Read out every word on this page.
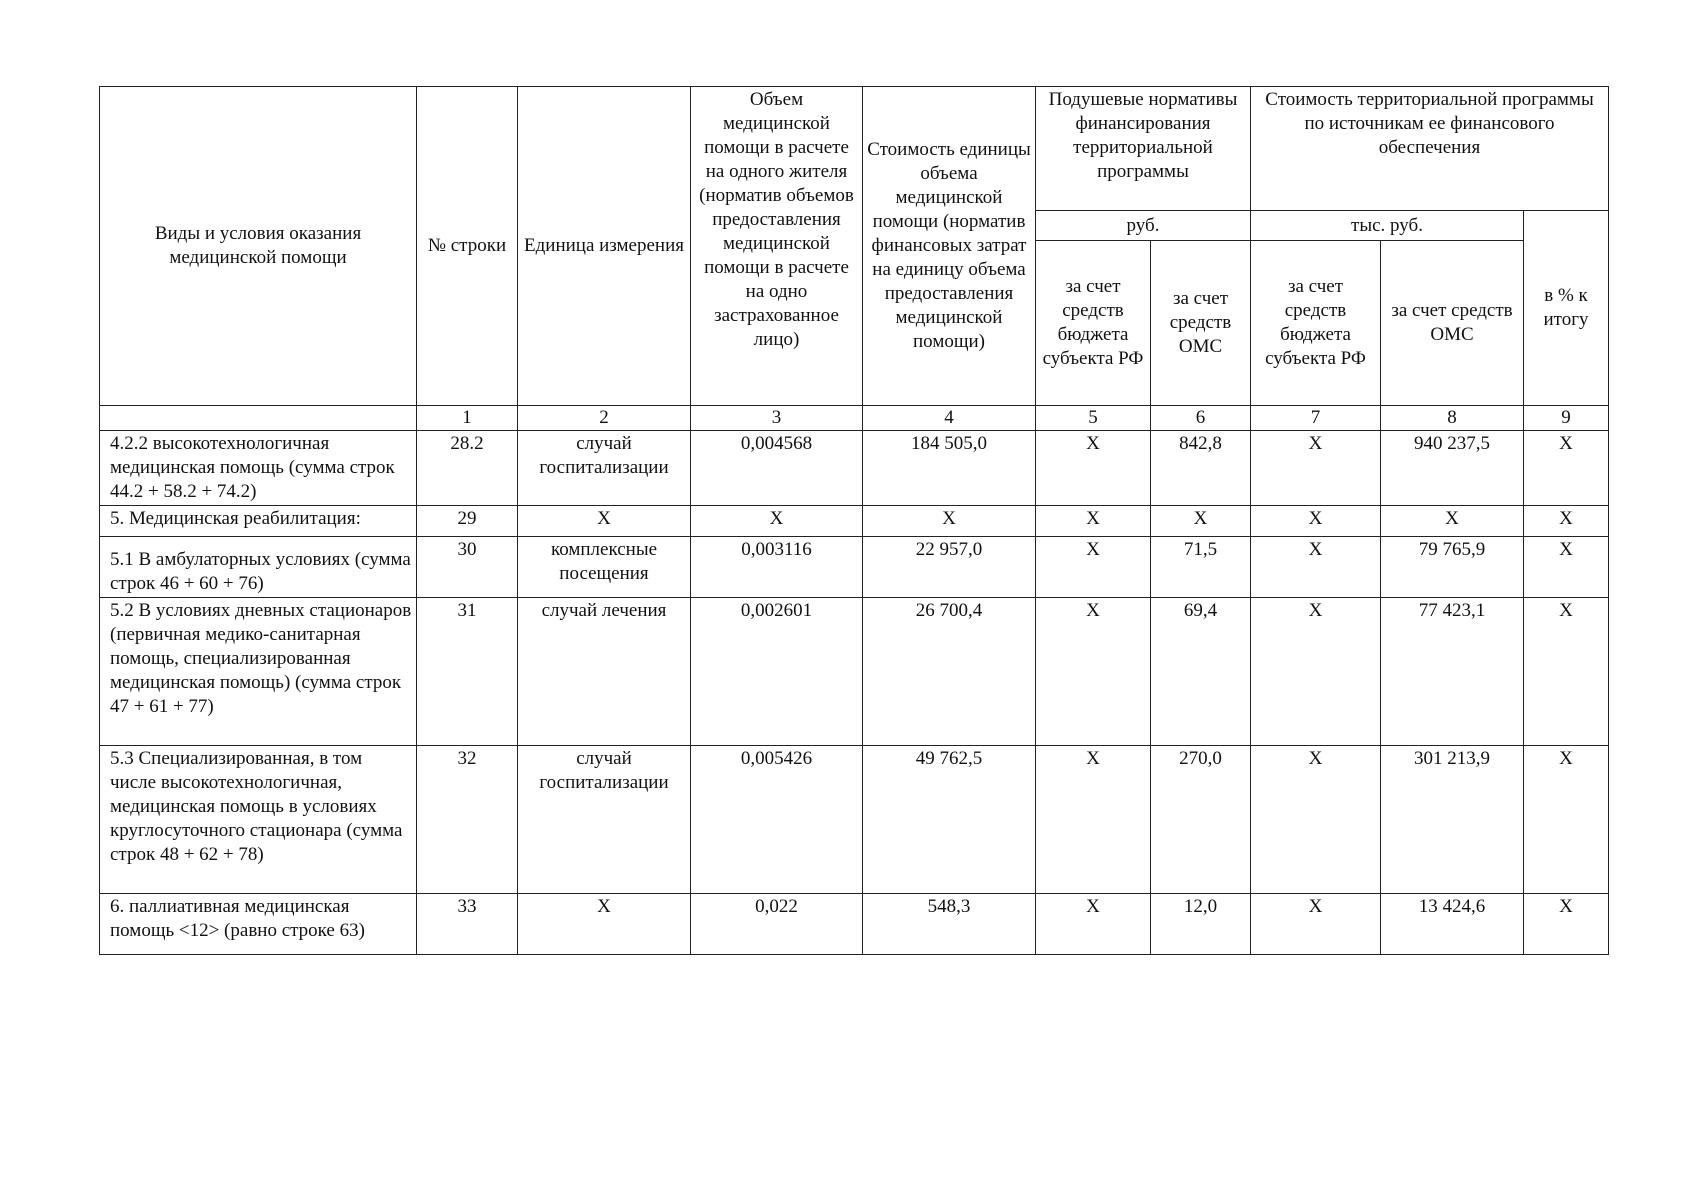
Виды и условия оказания медицинской помощи	№ строки	Единица измерения	Объем медицинской помощи в расчете на одного жителя (норматив объемов предоставления медицинской помощи в расчете на одно застрахованное лицо)	Стоимость единицы объема медицинской помощи (норматив финансовых затрат на единицу объема предоставления медицинской помощи)	Подушевые нормативы финансирования территориальной программы		Стоимость территориальной программы по источникам ее финансового обеспечения		
					руб.		тыс. руб.		в % к итогу
					за счет средств бюджета субъекта РФ	за счет средств ОМС	за счет средств бюджета субъекта РФ	за счет средств ОМС	
	1	2	3	4	5	6	7	8	9
4.2.2 высокотехнологичная медицинская помощь (сумма строк 44.2 + 58.2 + 74.2)	28.2	случай госпитализации	0,004568	184 505,0	Х	842,8	Х	940 237,5	Х
5. Медицинская реабилитация:	29	Х	Х	Х	Х	Х	Х	Х	Х
5.1 В амбулаторных условиях (сумма строк 46 + 60 + 76)	30	комплексные посещения	0,003116	22 957,0	Х	71,5	Х	79 765,9	Х
5.2 В условиях дневных стационаров (первичная медико-санитарная помощь, специализированная медицинская помощь) (сумма строк 47 + 61 + 77)	31	случай лечения	0,002601	26 700,4	Х	69,4	Х	77 423,1	Х
5.3 Специализированная, в том числе высокотехнологичная, медицинская помощь в условиях круглосуточного стационара (сумма строк 48 + 62 + 78)	32	случай госпитализации	0,005426	49 762,5	Х	270,0	Х	301 213,9	Х
6. паллиативная медицинская помощь <12> (равно строке 63)	33	Х	0,022	548,3	Х	12,0	Х	13 424,6	Х
